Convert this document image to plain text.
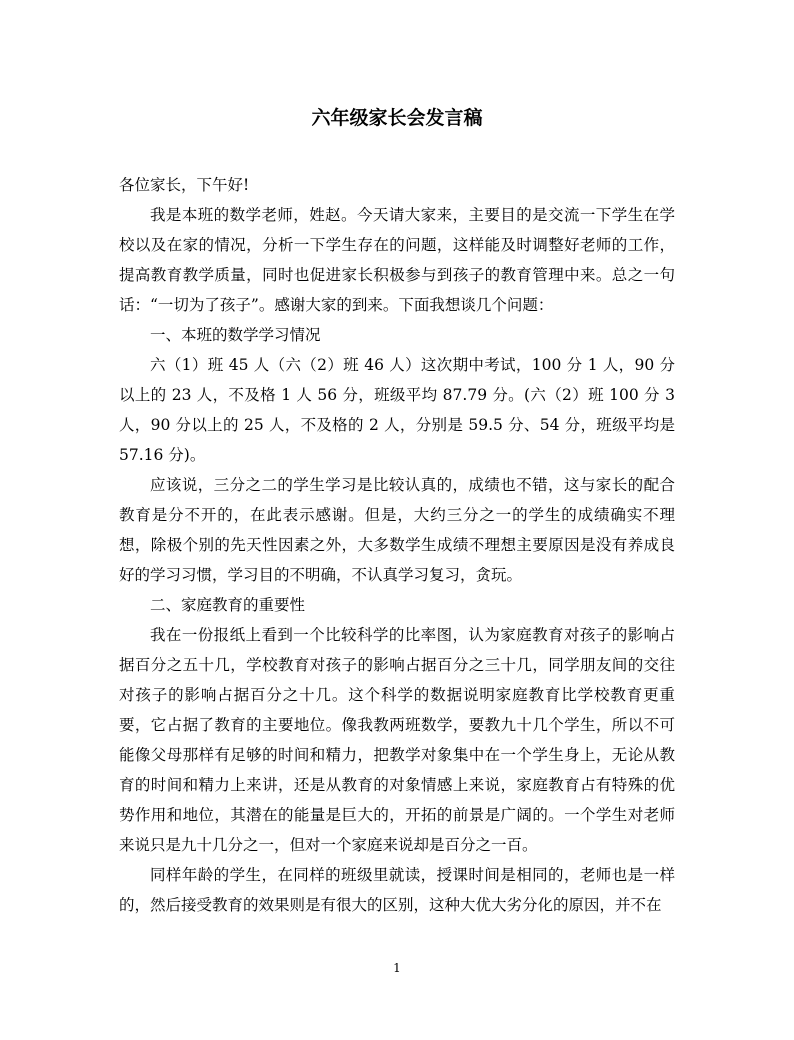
六年级家长会发言稿

各位家长，下午好!

我是本班的数学老师，姓赵。今天请大家来，主要目的是交流一下学生在学校以及在家的情况，分析一下学生存在的问题，这样能及时调整好老师的工作，提高教育教学质量，同时也促进家长积极参与到孩子的教育管理中来。总之一句话：“一切为了孩子”。感谢大家的到来。下面我想谈几个问题：

一、本班的数学学习情况

六（1）班 45 人（六（2）班 46 人）这次期中考试，100 分 1 人，90 分以上的 23 人，不及格 1 人 56 分，班级平均 87.79 分。(六（2）班 100 分 3 人，90 分以上的 25 人，不及格的 2 人，分别是 59.5 分、54 分，班级平均是 57.16 分)。

应该说，三分之二的学生学习是比较认真的，成绩也不错，这与家长的配合教育是分不开的，在此表示感谢。但是，大约三分之一的学生的成绩确实不理想，除极个别的先天性因素之外，大多数学生成绩不理想主要原因是没有养成良好的学习习惯，学习目的不明确，不认真学习复习，贪玩。

二、家庭教育的重要性

我在一份报纸上看到一个比较科学的比率图，认为家庭教育对孩子的影响占据百分之五十几，学校教育对孩子的影响占据百分之三十几，同学朋友间的交往对孩子的影响占据百分之十几。这个科学的数据说明家庭教育比学校教育更重要，它占据了教育的主要地位。像我教两班数学，要教九十几个学生，所以不可能像父母那样有足够的时间和精力，把教学对象集中在一个学生身上，无论从教育的时间和精力上来讲，还是从教育的对象情感上来说，家庭教育占有特殊的优势作用和地位，其潜在的能量是巨大的，开拓的前景是广阔的。一个学生对老师来说只是九十几分之一，但对一个家庭来说却是百分之一百。

同样年龄的学生，在同样的班级里就读，授课时间是相同的，老师也是一样的，然后接受教育的效果则是有很大的区别，这种大优大劣分化的原因，并不在

1
